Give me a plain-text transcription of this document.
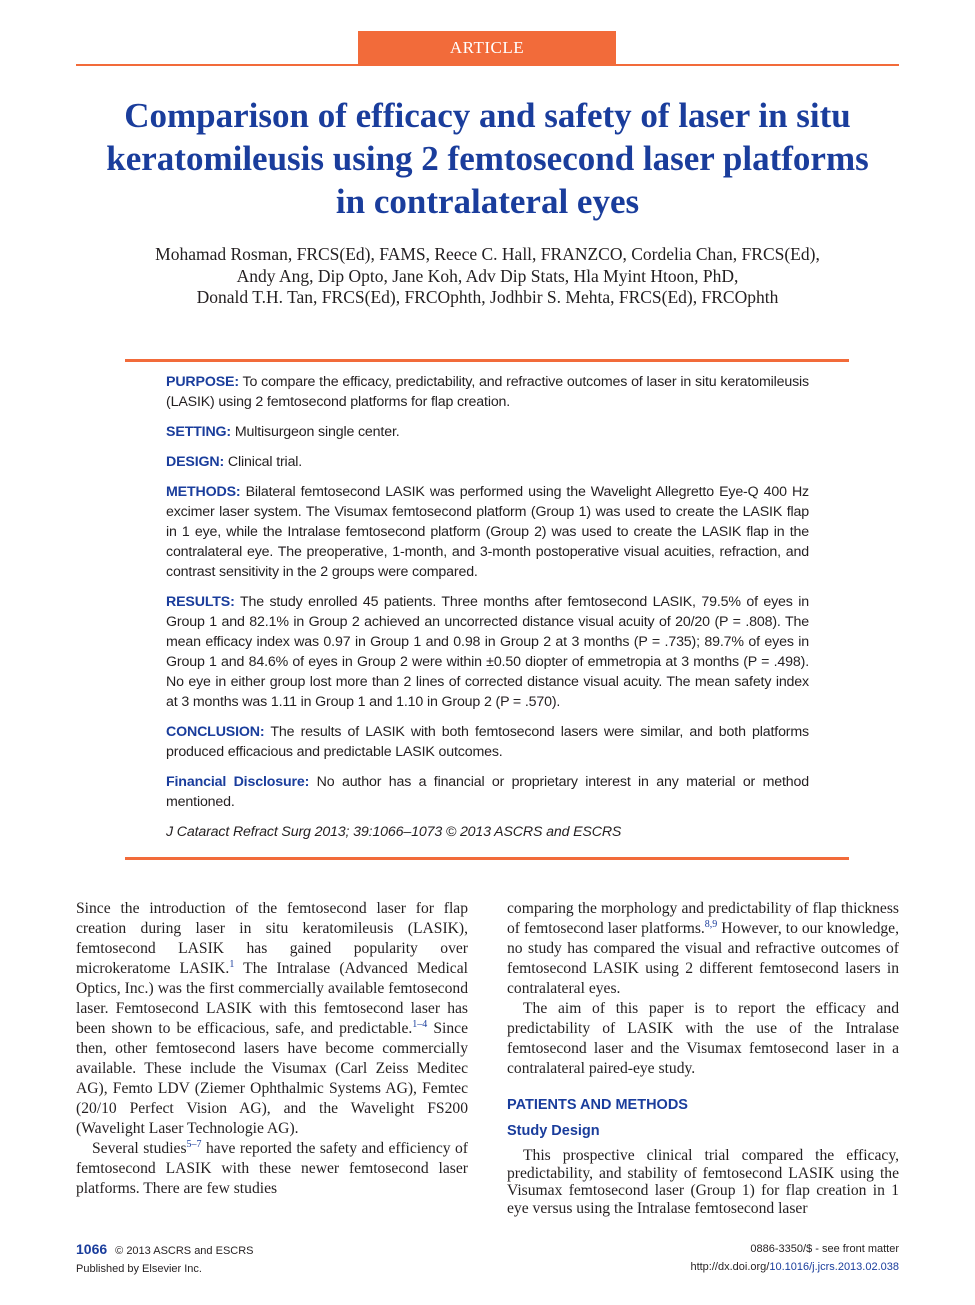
ARTICLE
Comparison of efficacy and safety of laser in situ keratomileusis using 2 femtosecond laser platforms in contralateral eyes
Mohamad Rosman, FRCS(Ed), FAMS, Reece C. Hall, FRANZCO, Cordelia Chan, FRCS(Ed),
Andy Ang, Dip Opto, Jane Koh, Adv Dip Stats, Hla Myint Htoon, PhD,
Donald T.H. Tan, FRCS(Ed), FRCOphth, Jodhbir S. Mehta, FRCS(Ed), FRCOphth

PURPOSE: To compare the efficacy, predictability, and refractive outcomes of laser in situ keratomileusis (LASIK) using 2 femtosecond platforms for flap creation.

SETTING: Multisurgeon single center.

DESIGN: Clinical trial.

METHODS: Bilateral femtosecond LASIK was performed using the Wavelight Allegretto Eye-Q 400 Hz excimer laser system. The Visumax femtosecond platform (Group 1) was used to create the LASIK flap in 1 eye, while the Intralase femtosecond platform (Group 2) was used to create the LASIK flap in the contralateral eye. The preoperative, 1-month, and 3-month postoperative visual acuities, refraction, and contrast sensitivity in the 2 groups were compared.

RESULTS: The study enrolled 45 patients. Three months after femtosecond LASIK, 79.5% of eyes in Group 1 and 82.1% in Group 2 achieved an uncorrected distance visual acuity of 20/20 (P = .808). The mean efficacy index was 0.97 in Group 1 and 0.98 in Group 2 at 3 months (P = .735); 89.7% of eyes in Group 1 and 84.6% of eyes in Group 2 were within ±0.50 diopter of emmetropia at 3 months (P = .498). No eye in either group lost more than 2 lines of corrected distance visual acuity. The mean safety index at 3 months was 1.11 in Group 1 and 1.10 in Group 2 (P = .570).

CONCLUSION: The results of LASIK with both femtosecond lasers were similar, and both platforms produced efficacious and predictable LASIK outcomes.

Financial Disclosure: No author has a financial or proprietary interest in any material or method mentioned.

J Cataract Refract Surg 2013; 39:1066–1073 © 2013 ASCRS and ESCRS

Since the introduction of the femtosecond laser for flap creation during laser in situ keratomileusis (LASIK), femtosecond LASIK has gained popularity over microkeratome LASIK.$^1$ The Intralase (Advanced Medical Optics, Inc.) was the first commercially available femtosecond laser. Femtosecond LASIK with this femtosecond laser has been shown to be efficacious, safe, and predictable.$^{1-4}$ Since then, other femtosecond lasers have become commercially available. These include the Visumax (Carl Zeiss Meditec AG), Femto LDV (Ziemer Ophthalmic Systems AG), Femtec (20/10 Perfect Vision AG), and the Wavelight FS200 (Wavelight Laser Technologie AG).

Several studies$^{5-7}$ have reported the safety and efficiency of femtosecond LASIK with these newer femtosecond laser platforms. There are few studies

comparing the morphology and predictability of flap thickness of femtosecond laser platforms.$^{8,9}$ However, to our knowledge, no study has compared the visual and refractive outcomes of femtosecond LASIK using 2 different femtosecond lasers in contralateral eyes.

The aim of this paper is to report the efficacy and predictability of LASIK with the use of the Intralase femtosecond laser and the Visumax femtosecond laser in a contralateral paired-eye study.

PATIENTS AND METHODS
Study Design

This prospective clinical trial compared the efficacy, predictability, and stability of femtosecond LASIK using the Visumax femtosecond laser (Group 1) for flap creation in 1 eye versus using the Intralase femtosecond laser

1066 © 2013 ASCRS and ESCRS
Published by Elsevier Inc.
0886-3350/$ - see front matter
http://dx.doi.org/10.1016/j.jcrs.2013.02.038
